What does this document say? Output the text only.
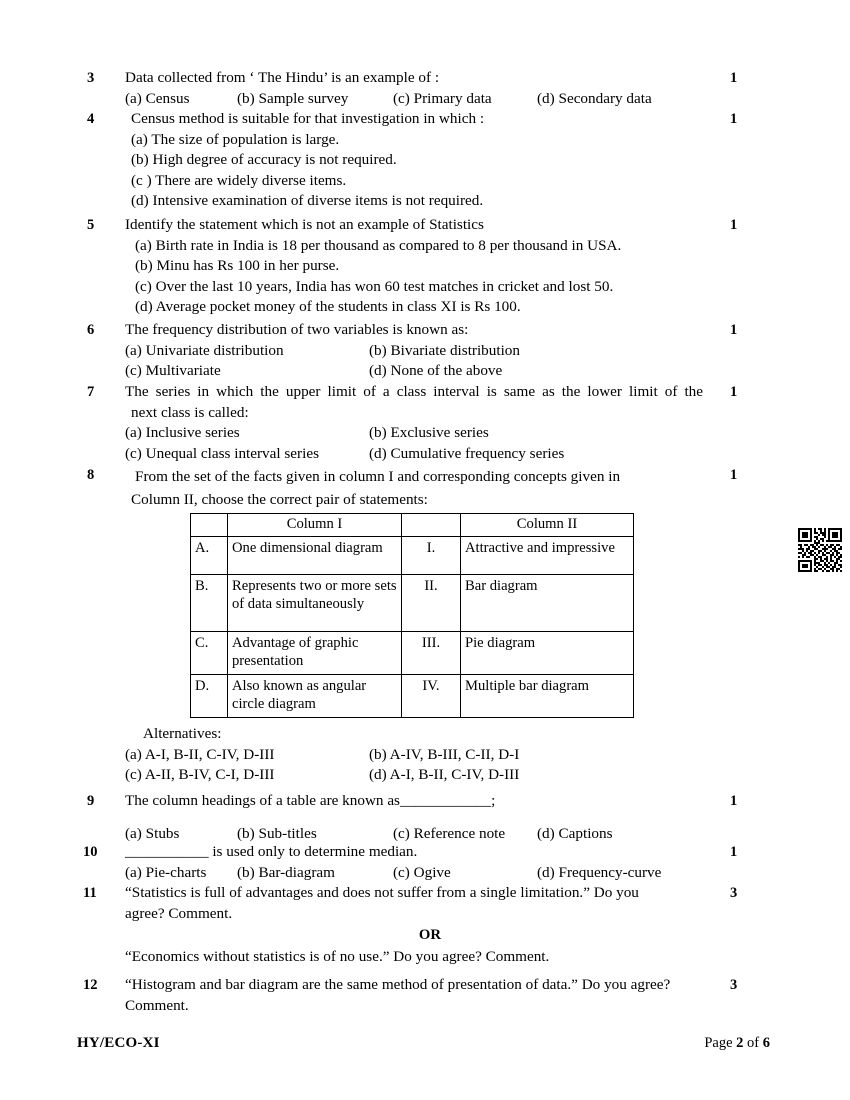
3	Data collected from ‘ The Hindu’ is an example of :
(a) Census	(b) Sample survey	(c) Primary data	(d) Secondary data
1
4	Census method is suitable for that investigation in which :
(a) The size of population is large.
(b) High degree of accuracy is not required.
(c ) There are widely diverse items.
(d) Intensive examination of diverse items is not required.
1
5	Identify the statement which is not an example of Statistics
(a) Birth rate in India is 18 per thousand as compared to 8 per thousand in USA.
(b) Minu has Rs 100 in her purse.
(c) Over the last 10 years, India has won 60 test matches in cricket and lost 50.
(d) Average pocket money of the students in class XI is Rs 100.
1
6	The frequency distribution of two variables is known as:
(a) Univariate distribution	(b) Bivariate distribution
(c) Multivariate	(d) None of the above
1
7	The series in which the upper limit of a class interval is same as the lower limit of the
next class is called:
(a) Inclusive series	(b) Exclusive series
(c) Unequal class interval series	(d) Cumulative frequency series
1
8	From the set of the facts given in column I and corresponding concepts given in
Column II, choose the correct pair of statements:
1
	Column I		Column II
A.	One dimensional diagram	I.	Attractive and impressive
B.	Represents two or more sets of data simultaneously	II.	Bar diagram
C.	Advantage of graphic presentation	III.	Pie diagram
D.	Also known as angular circle diagram	IV.	Multiple bar diagram
Alternatives:
(a) A-I, B-II, C-IV, D-III	(b) A-IV, B-III, C-II, D-I
(c) A-II, B-IV, C-I, D-III	(d) A-I, B-II, C-IV, D-III
9	The column headings of a table are known as____________;	1
(a) Stubs	(b) Sub-titles	(c) Reference note (d) Captions
10	___________ is used only to determine median.
(a) Pie-charts (b) Bar-diagram	(c) Ogive	(d) Frequency-curve
1
11	“Statistics is full of advantages and does not suffer from a single limitation.” Do you
agree? Comment.
3
OR
“Economics without statistics is of no use.” Do you agree? Comment.
12	“Histogram and bar diagram are the same method of presentation of data.” Do you agree?
Comment.
3
HY/ECO-XI	Page 2 of 6
